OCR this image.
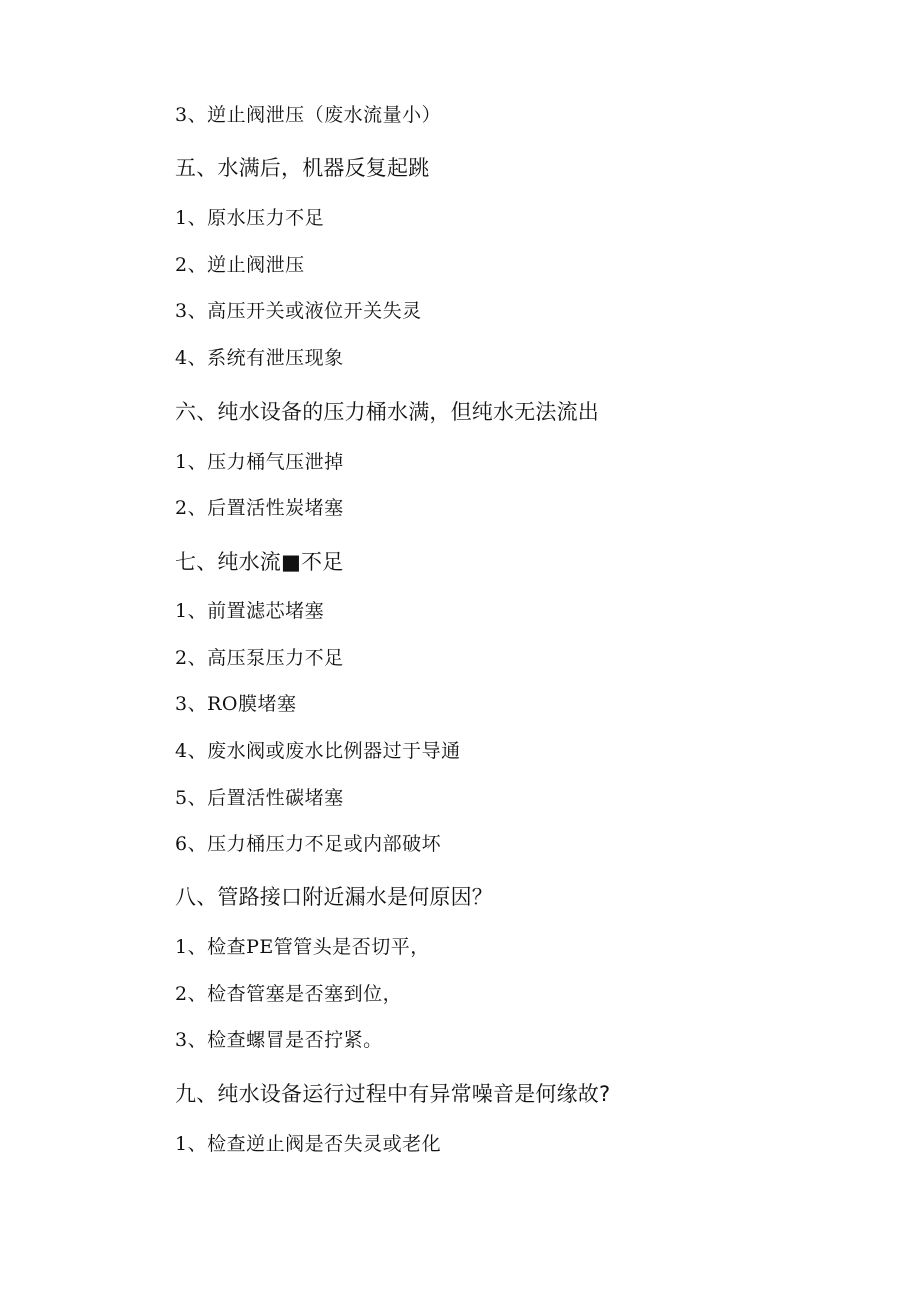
3、逆止阀泄压（废水流量小）
五、水满后，机器反复起跳
1、原水压力不足
2、逆止阀泄压
3、高压开关或液位开关失灵
4、系统有泄压现象
六、纯水设备的压力桶水满，但纯水无法流出
1、压力桶气压泄掉
2、后置活性炭堵塞
七、纯水流■不足
1、前置滤芯堵塞
2、高压泵压力不足
3、RO膜堵塞
4、废水阀或废水比例器过于导通
5、后置活性碳堵塞
6、压力桶压力不足或内部破坏
八、管路接口附近漏水是何原因？
1、检查PE管管头是否切平，
2、检杳管塞是否塞到位，
3、检查螺冒是否拧紧。
九、纯水设备运行过程中有异常噪音是何缘故?
1、检查逆止阀是否失灵或老化
